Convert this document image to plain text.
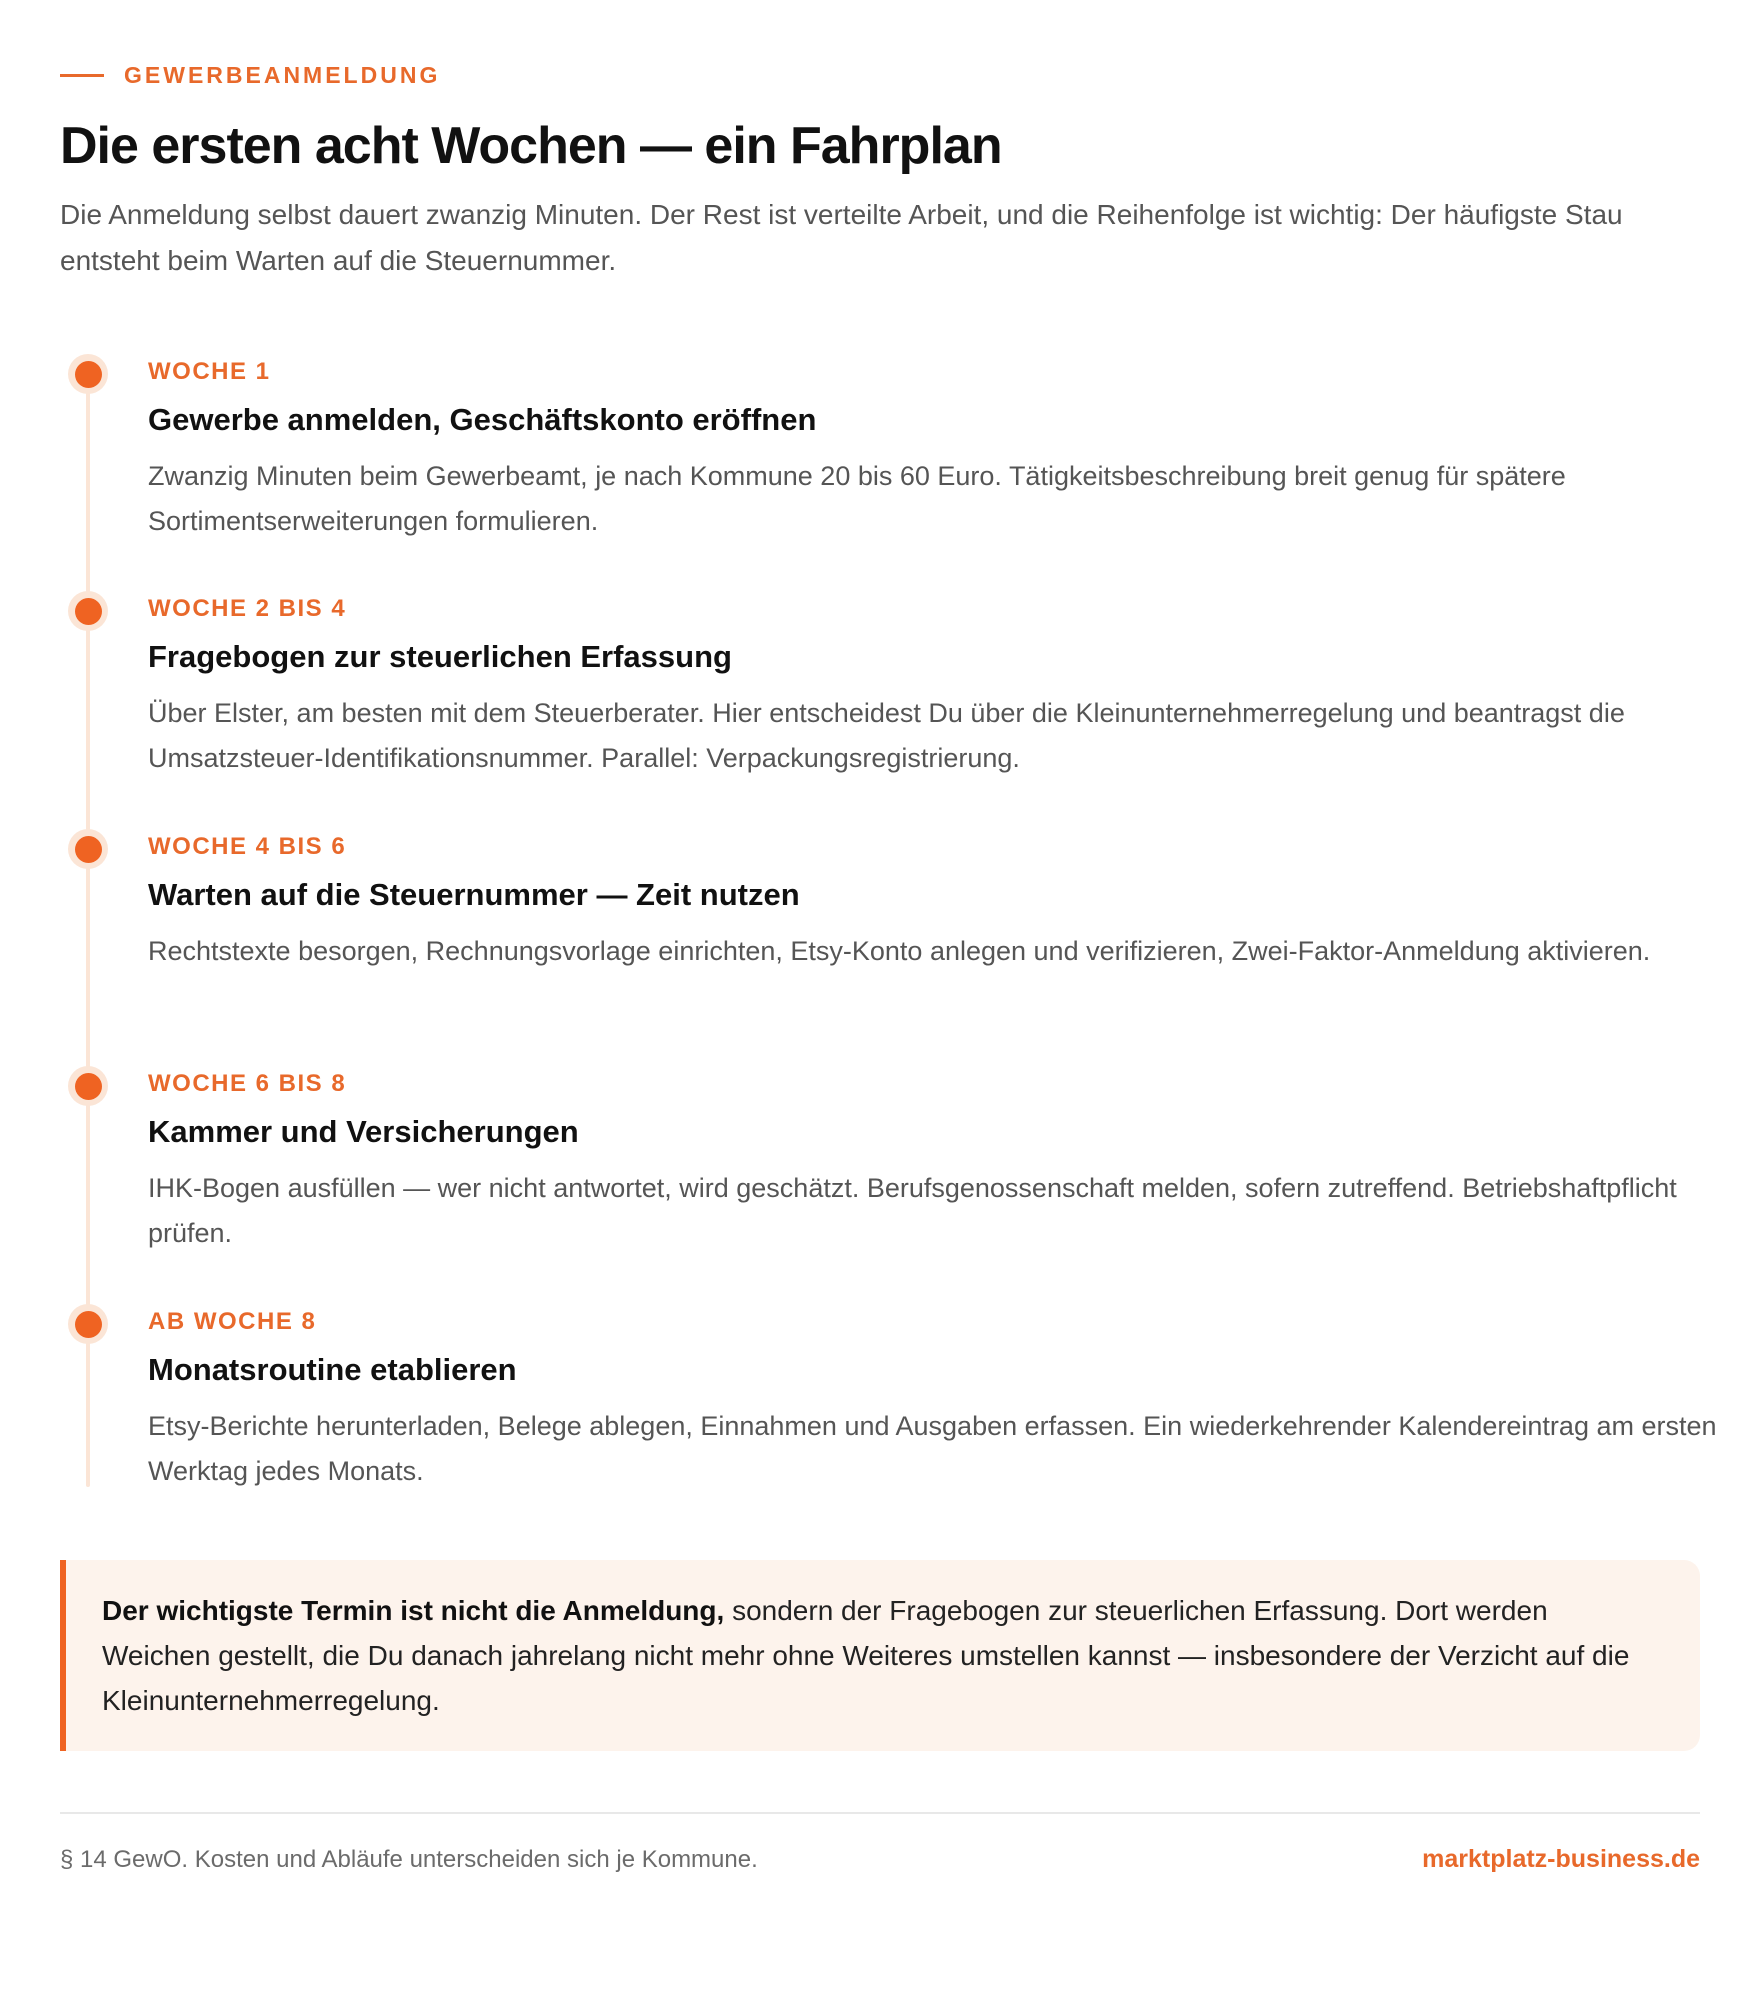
GEWERBEANMELDUNG
Die ersten acht Wochen — ein Fahrplan

Die Anmeldung selbst dauert zwanzig Minuten. Der Rest ist verteilte Arbeit, und die Reihenfolge ist wichtig: Der häufigste Stau entsteht beim Warten auf die Steuernummer.

WOCHE 1
Gewerbe anmelden, Geschäftskonto eröffnen
Zwanzig Minuten beim Gewerbeamt, je nach Kommune 20 bis 60 Euro. Tätigkeitsbeschreibung breit genug für spätere Sortimentserweiterungen formulieren.
WOCHE 2 BIS 4
Fragebogen zur steuerlichen Erfassung
Über Elster, am besten mit dem Steuerberater. Hier entscheidest Du über die Kleinunternehmerregelung und beantragst die Umsatzsteuer-Identifikationsnummer. Parallel: Verpackungsregistrierung.
WOCHE 4 BIS 6
Warten auf die Steuernummer — Zeit nutzen
Rechtstexte besorgen, Rechnungsvorlage einrichten, Etsy-Konto anlegen und verifizieren, Zwei-Faktor-Anmeldung aktivieren.
WOCHE 6 BIS 8
Kammer und Versicherungen
IHK-Bogen ausfüllen — wer nicht antwortet, wird geschätzt. Berufsgenossenschaft melden, sofern zutreffend. Betriebshaftpflicht prüfen.
AB WOCHE 8
Monatsroutine etablieren
Etsy-Berichte herunterladen, Belege ablegen, Einnahmen und Ausgaben erfassen. Ein wiederkehrender Kalendereintrag am ersten Werktag jedes Monats.
Der wichtigste Termin ist nicht die Anmeldung, sondern der Fragebogen zur steuerlichen Erfassung. Dort werden Weichen gestellt, die Du danach jahrelang nicht mehr ohne Weiteres umstellen kannst — insbesondere der Verzicht auf die Kleinunternehmerregelung.
§ 14 GewO. Kosten und Abläufe unterscheiden sich je Kommune.	marktplatz-business.de
